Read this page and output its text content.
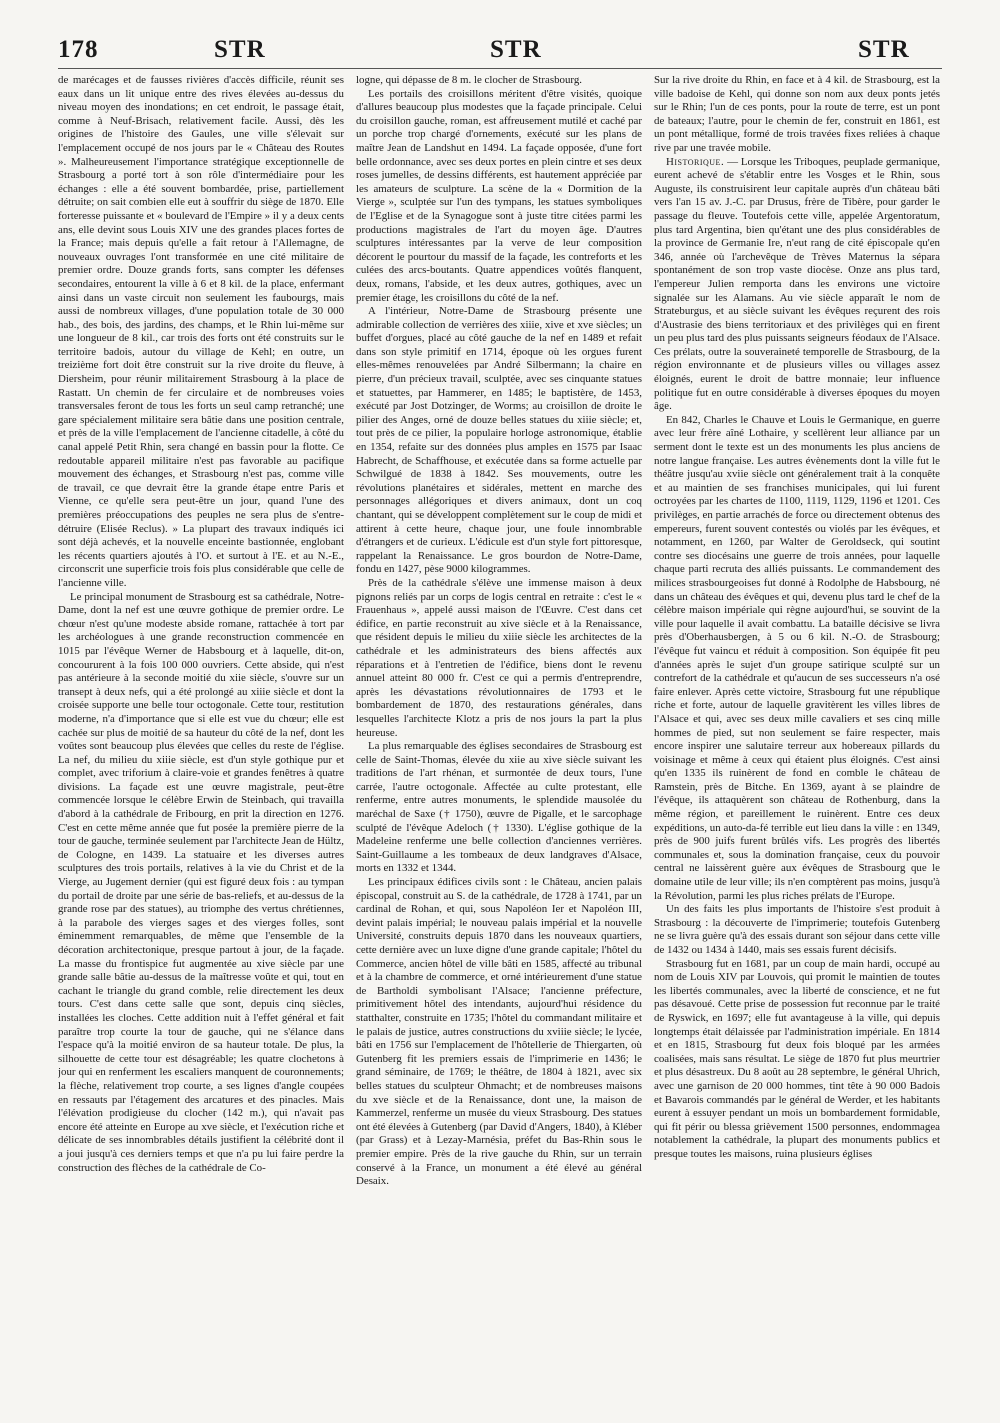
178	STR	STR	STR

de marécages et de fausses rivières d'accès difficile, réunit ses eaux dans un lit unique entre des rives élevées au-dessus du niveau moyen des inondations; en cet endroit, le passage était, comme à Neuf-Brisach, relativement facile. Aussi, dès les origines de l'histoire des Gaules, une ville s'élevait sur l'emplacement occupé de nos jours par le « Château des Routes ». Malheureusement l'importance stratégique exceptionnelle de Strasbourg a porté tort à son rôle d'intermédiaire pour les échanges : elle a été souvent bombardée, prise, partiellement détruite; on sait combien elle eut à souffrir du siège de 1870. Elle forteresse puissante et « boulevard de l'Empire » il y a deux cents ans, elle devint sous Louis XIV une des grandes places fortes de la France; mais depuis qu'elle a fait retour à l'Allemagne, de nouveaux ouvrages l'ont transformée en une cité militaire de premier ordre. Douze grands forts, sans compter les défenses secondaires, entourent la ville à 6 et 8 kil. de la place, enfermant ainsi dans un vaste circuit non seulement les faubourgs, mais aussi de nombreux villages, d'une population totale de 30 000 hab., des bois, des jardins, des champs, et le Rhin lui-même sur une longueur de 8 kil., car trois des forts ont été construits sur le territoire badois, autour du village de Kehl; en outre, un treizième fort doit être construit sur la rive droite du fleuve, à Diersheim, pour réunir militairement Strasbourg à la place de Rastatt. Un chemin de fer circulaire et de nombreuses voies transversales feront de tous les forts un seul camp retranché; une gare spécialement militaire sera bâtie dans une position centrale, et près de la ville l'emplacement de l'ancienne citadelle, à côté du canal appelé Petit Rhin, sera changé en bassin pour la flotte. Ce redoutable appareil militaire n'est pas favorable au pacifique mouvement des échanges, et Strasbourg n'est pas, comme ville de travail, ce que devrait être la grande étape entre Paris et Vienne, ce qu'elle sera peut-être un jour, quand l'une des premières préoccupations des peuples ne sera plus de s'entre-détruire (Elisée Reclus). » La plupart des travaux indiqués ici sont déjà achevés, et la nouvelle enceinte bastionnée, englobant les récents quartiers ajoutés à l'O. et surtout à l'E. et au N.-E., circonscrit une superficie trois fois plus considérable que celle de l'ancienne ville.

Le principal monument de Strasbourg est sa cathédrale, Notre-Dame, dont la nef est une œuvre gothique de premier ordre. Le chœur n'est qu'une modeste abside romane, rattachée à tort par les archéologues à une grande reconstruction commencée en 1015 par l'évêque Werner de Habsbourg et à laquelle, dit-on, concoururent à la fois 100 000 ouvriers. Cette abside, qui n'est pas antérieure à la seconde moitié du xiie siècle, s'ouvre sur un transept à deux nefs, qui a été prolongé au xiiie siècle et dont la croisée supporte une belle tour octogonale. Cette tour, restitution moderne, n'a d'importance que si elle est vue du chœur; elle est cachée sur plus de moitié de sa hauteur du côté de la nef, dont les voûtes sont beaucoup plus élevées que celles du reste de l'église. La nef, du milieu du xiiie siècle, est d'un style gothique pur et complet, avec triforium à claire-voie et grandes fenêtres à quatre divisions. La façade est une œuvre magistrale, peut-être commencée lorsque le célèbre Erwin de Steinbach, qui travailla d'abord à la cathédrale de Fribourg, en prit la direction en 1276. C'est en cette même année que fut posée la première pierre de la tour de gauche, terminée seulement par l'architecte Jean de Hültz, de Cologne, en 1439. La statuaire et les diverses autres sculptures des trois portails, relatives à la vie du Christ et de la Vierge, au Jugement dernier (qui est figuré deux fois : au tympan du portail de droite par une série de bas-reliefs, et au-dessus de la grande rose par des statues), au triomphe des vertus chrétiennes, à la parabole des vierges sages et des vierges folles, sont éminemment remarquables, de même que l'ensemble de la décoration architectonique, presque partout à jour, de la façade. La masse du frontispice fut augmentée au xive siècle par une grande salle bâtie au-dessus de la maîtresse voûte et qui, tout en cachant le triangle du grand comble, relie directement les deux tours. C'est dans cette salle que sont, depuis cinq siècles, installées les cloches. Cette addition nuit à l'effet général et fait paraître trop courte la tour de gauche, qui ne s'élance dans l'espace qu'à la moitié environ de sa hauteur totale. De plus, la silhouette de cette tour est désagréable; les quatre clochetons à jour qui en renferment les escaliers manquent de couronnements; la flèche, relativement trop courte, a ses lignes d'angle coupées en ressauts par l'étagement des arcatures et des pinacles. Mais l'élévation prodigieuse du clocher (142 m.), qui n'avait pas encore été atteinte en Europe au xve siècle, et l'exécution riche et délicate de ses innombrables détails justifient la célébrité dont il a joui jusqu'à ces derniers temps et que n'a pu lui faire perdre la construction des flèches de la cathédrale de Co-

logne, qui dépasse de 8 m. le clocher de Strasbourg.

Les portails des croisillons méritent d'être visités, quoique d'allures beaucoup plus modestes que la façade principale. Celui du croisillon gauche, roman, est affreusement mutilé et caché par un porche trop chargé d'ornements, exécuté sur les plans de maître Jean de Landshut en 1494. La façade opposée, d'une fort belle ordonnance, avec ses deux portes en plein cintre et ses deux roses jumelles, de dessins différents, est hautement appréciée par les amateurs de sculpture. La scène de la « Dormition de la Vierge », sculptée sur l'un des tympans, les statues symboliques de l'Eglise et de la Synagogue sont à juste titre citées parmi les productions magistrales de l'art du moyen âge. D'autres sculptures intéressantes par la verve de leur composition décorent le pourtour du massif de la façade, les contreforts et les culées des arcs-boutants. Quatre appendices voûtés flanquent, deux, romans, l'abside, et les deux autres, gothiques, avec un premier étage, les croisillons du côté de la nef.

A l'intérieur, Notre-Dame de Strasbourg présente une admirable collection de verrières des xiiie, xive et xve siècles; un buffet d'orgues, placé au côté gauche de la nef en 1489 et refait dans son style primitif en 1714, époque où les orgues furent elles-mêmes renouvelées par André Silbermann; la chaire en pierre, d'un précieux travail, sculptée, avec ses cinquante statues et statuettes, par Hammerer, en 1485; le baptistère, de 1453, exécuté par Jost Dotzinger, de Worms; au croisillon de droite le pilier des Anges, orné de douze belles statues du xiiie siècle; et, tout près de ce pilier, la populaire horloge astronomique, établie en 1354, refaite sur des données plus amples en 1575 par Isaac Habrecht, de Schaffhouse, et exécutée dans sa forme actuelle par Schwilgué de 1838 à 1842. Ses mouvements, outre les révolutions planétaires et sidérales, mettent en marche des personnages allégoriques et divers animaux, dont un coq chantant, qui se développent complètement sur le coup de midi et attirent à cette heure, chaque jour, une foule innombrable d'étrangers et de curieux. L'édicule est d'un style fort pittoresque, rappelant la Renaissance. Le gros bourdon de Notre-Dame, fondu en 1427, pèse 9000 kilogrammes.

Près de la cathédrale s'élève une immense maison à deux pignons reliés par un corps de logis central en retraite : c'est le « Frauenhaus », appelé aussi maison de l'Œuvre. C'est dans cet édifice, en partie reconstruit au xive siècle et à la Renaissance, que résident depuis le milieu du xiiie siècle les architectes de la cathédrale et les administrateurs des biens affectés aux réparations et à l'entretien de l'édifice, biens dont le revenu annuel atteint 80 000 fr. C'est ce qui a permis d'entreprendre, après les dévastations révolutionnaires de 1793 et le bombardement de 1870, des restaurations générales, dans lesquelles l'architecte Klotz a pris de nos jours la part la plus heureuse.

La plus remarquable des églises secondaires de Strasbourg est celle de Saint-Thomas, élevée du xiie au xive siècle suivant les traditions de l'art rhénan, et surmontée de deux tours, l'une carrée, l'autre octogonale. Affectée au culte protestant, elle renferme, entre autres monuments, le splendide mausolée du maréchal de Saxe († 1750), œuvre de Pigalle, et le sarcophage sculpté de l'évêque Adeloch († 1330). L'église gothique de la Madeleine renferme une belle collection d'anciennes verrières. Saint-Guillaume a les tombeaux de deux landgraves d'Alsace, morts en 1332 et 1344.

Les principaux édifices civils sont : le Château, ancien palais épiscopal, construit au S. de la cathédrale, de 1728 à 1741, par un cardinal de Rohan, et qui, sous Napoléon Ier et Napoléon III, devint palais impérial; le nouveau palais impérial et la nouvelle Université, construits depuis 1870 dans les nouveaux quartiers, cette dernière avec un luxe digne d'une grande capitale; l'hôtel du Commerce, ancien hôtel de ville bâti en 1585, affecté au tribunal et à la chambre de commerce, et orné intérieurement d'une statue de Bartholdi symbolisant l'Alsace; l'ancienne préfecture, primitivement hôtel des intendants, aujourd'hui résidence du statthalter, construite en 1735; l'hôtel du commandant militaire et le palais de justice, autres constructions du xviiie siècle; le lycée, bâti en 1756 sur l'emplacement de l'hôtellerie de Thiergarten, où Gutenberg fit les premiers essais de l'imprimerie en 1436; le grand séminaire, de 1769; le théâtre, de 1804 à 1821, avec six belles statues du sculpteur Ohmacht; et de nombreuses maisons du xve siècle et de la Renaissance, dont une, la maison de Kammerzel, renferme un musée du vieux Strasbourg. Des statues ont été élevées à Gutenberg (par David d'Angers, 1840), à Kléber (par Grass) et à Lezay-Marnésia, préfet du Bas-Rhin sous le premier empire. Près de la rive gauche du Rhin, sur un terrain conservé à la France, un monument a été élevé au général Desaix.

Sur la rive droite du Rhin, en face et à 4 kil. de Strasbourg, est la ville badoise de Kehl, qui donne son nom aux deux ponts jetés sur le Rhin; l'un de ces ponts, pour la route de terre, est un pont de bateaux; l'autre, pour le chemin de fer, construit en 1861, est un pont métallique, formé de trois travées fixes reliées à chaque rive par une travée mobile.

Historique. — Lorsque les Triboques, peuplade germanique, eurent achevé de s'établir entre les Vosges et le Rhin, sous Auguste, ils construisirent leur capitale auprès d'un château bâti vers l'an 15 av. J.-C. par Drusus, frère de Tibère, pour garder le passage du fleuve. Toutefois cette ville, appelée Argentoratum, plus tard Argentina, bien qu'étant une des plus considérables de la province de Germanie Ire, n'eut rang de cité épiscopale qu'en 346, année où l'archevêque de Trèves Maternus la sépara spontanément de son trop vaste diocèse. Onze ans plus tard, l'empereur Julien remporta dans les environs une victoire signalée sur les Alamans. Au vie siècle apparaît le nom de Strateburgus, et au siècle suivant les évêques reçurent des rois d'Austrasie des biens territoriaux et des privilèges qui en firent un peu plus tard des plus puissants seigneurs féodaux de l'Alsace. Ces prélats, outre la souveraineté temporelle de Strasbourg, de la région environnante et de plusieurs villes ou villages assez éloignés, eurent le droit de battre monnaie; leur influence politique fut en outre considérable à diverses époques du moyen âge.

En 842, Charles le Chauve et Louis le Germanique, en guerre avec leur frère aîné Lothaire, y scellèrent leur alliance par un serment dont le texte est un des monuments les plus anciens de notre langue française. Les autres évènements dont la ville fut le théâtre jusqu'au xviie siècle ont généralement trait à la conquête et au maintien de ses franchises municipales, qui lui furent octroyées par les chartes de 1100, 1119, 1129, 1196 et 1201. Ces privilèges, en partie arrachés de force ou directement obtenus des empereurs, furent souvent contestés ou violés par les évêques, et notamment, en 1260, par Walter de Geroldseck, qui soutint contre ses diocésains une guerre de trois années, pour laquelle chaque parti recruta des alliés puissants. Le commandement des milices strasbourgeoises fut donné à Rodolphe de Habsbourg, né dans un château des évêques et qui, devenu plus tard le chef de la célèbre maison impériale qui règne aujourd'hui, se souvint de la ville pour laquelle il avait combattu. La bataille décisive se livra près d'Oberhausbergen, à 5 ou 6 kil. N.-O. de Strasbourg; l'évêque fut vaincu et réduit à composition. Son équipée fit peu d'années après le sujet d'un groupe satirique sculpté sur un contrefort de la cathédrale et qu'aucun de ses successeurs n'a osé faire enlever. Après cette victoire, Strasbourg fut une république riche et forte, autour de laquelle gravitèrent les villes libres de l'Alsace et qui, avec ses deux mille cavaliers et ses cinq mille hommes de pied, sut non seulement se faire respecter, mais encore inspirer une salutaire terreur aux hobereaux pillards du voisinage et même à ceux qui étaient plus éloignés. C'est ainsi qu'en 1335 ils ruinèrent de fond en comble le château de Ramstein, près de Bitche. En 1369, ayant à se plaindre de l'évêque, ils attaquèrent son château de Rothenburg, dans la même région, et pareillement le ruinèrent. Entre ces deux expéditions, un auto-da-fé terrible eut lieu dans la ville : en 1349, près de 900 juifs furent brûlés vifs. Les progrès des libertés communales et, sous la domination française, ceux du pouvoir central ne laissèrent guère aux évêques de Strasbourg que le domaine utile de leur ville; ils n'en comptèrent pas moins, jusqu'à la Révolution, parmi les plus riches prélats de l'Europe.

Un des faits les plus importants de l'histoire s'est produit à Strasbourg : la découverte de l'imprimerie; toutefois Gutenberg ne se livra guère qu'à des essais durant son séjour dans cette ville de 1432 ou 1434 à 1440, mais ses essais furent décisifs.

Strasbourg fut en 1681, par un coup de main hardi, occupé au nom de Louis XIV par Louvois, qui promit le maintien de toutes les libertés communales, avec la liberté de conscience, et ne fut pas désavoué. Cette prise de possession fut reconnue par le traité de Ryswick, en 1697; elle fut avantageuse à la ville, qui depuis longtemps était délaissée par l'administration impériale. En 1814 et en 1815, Strasbourg fut deux fois bloqué par les armées coalisées, mais sans résultat. Le siège de 1870 fut plus meurtrier et plus désastreux. Du 8 août au 28 septembre, le général Uhrich, avec une garnison de 20 000 hommes, tint tête à 90 000 Badois et Bavarois commandés par le général de Werder, et les habitants eurent à essuyer pendant un mois un bombardement formidable, qui fit périr ou blessa grièvement 1500 personnes, endommagea notablement la cathédrale, la plupart des monuments publics et presque toutes les maisons, ruina plusieurs églises
